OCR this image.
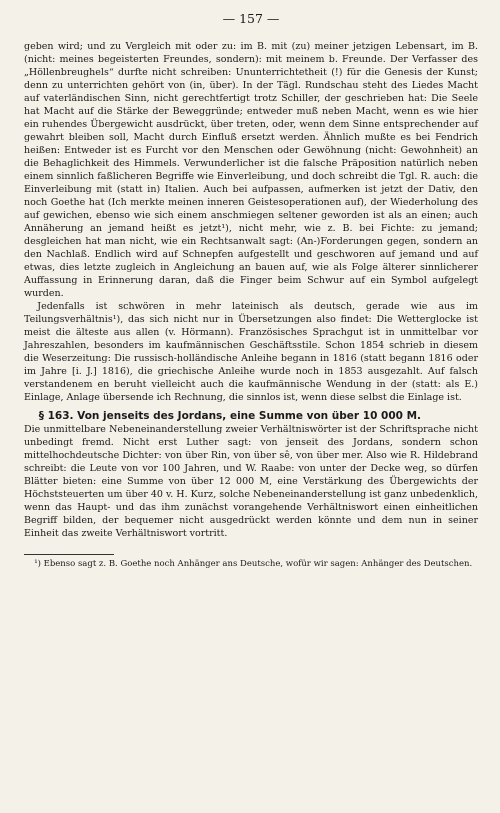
— 157 —

geben wird; und zu Vergleich mit oder zu: im B. mit (zu) meiner jetzigen Lebensart, im B. (nicht: meines begeisterten Freundes, sondern): mit meinem b. Freunde. Der Verfasser des „Höllenbreughels“ durfte nicht schreiben: Ununterrichtetheit (!) für die Genesis der Kunst; denn zu unterrichten gehört von (in, über). In der Tägl. Rundschau steht des Liedes Macht auf vaterländischen Sinn, nicht gerechtfertigt trotz Schiller, der geschrieben hat: Die Seele hat Macht auf die Stärke der Beweggründe; entweder muß neben Macht, wenn es wie hier ein ruhendes Übergewicht ausdrückt, über treten, oder, wenn dem Sinne entsprechender auf gewahrt bleiben soll, Macht durch Einfluß ersetzt werden. Ähnlich mußte es bei Fendrich heißen: Entweder ist es Furcht vor den Menschen oder Gewöhnung (nicht: Gewohnheit) an die Behaglichkeit des Himmels. Verwunderlicher ist die falsche Präposition natürlich neben einem sinnlich faßlicheren Begriffe wie Einverleibung, und doch schreibt die Tgl. R. auch: die Einverleibung mit (statt in) Italien. Auch bei aufpassen, aufmerken ist jetzt der Dativ, den noch Goethe hat (Ich merkte meinen inneren Geistesoperationen auf), der Wiederholung des auf gewichen, ebenso wie sich einem anschmiegen seltener geworden ist als an einen; auch Annäherung an jemand heißt es jetzt¹), nicht mehr, wie z. B. bei Fichte: zu jemand; desgleichen hat man nicht, wie ein Rechtsanwalt sagt: (An-)Forderungen gegen, sondern an den Nachlaß. Endlich wird auf Schnepfen aufgestellt und geschworen auf jemand und auf etwas, dies letzte zugleich in Angleichung an bauen auf, wie als Folge älterer sinnlicherer Auffassung in Erinnerung daran, daß die Finger beim Schwur auf ein Symbol aufgelegt wurden.

Jedenfalls ist schwören in mehr lateinisch als deutsch, gerade wie aus im Teilungsverhältnis¹), das sich nicht nur in Übersetzungen also findet: Die Wetterglocke ist meist die älteste aus allen (v. Hörmann). Französisches Sprachgut ist in unmittelbar vor Jahreszahlen, besonders im kaufmännischen Geschäftsstile. Schon 1854 schrieb in diesem die Weserzeitung: Die russisch-holländische Anleihe begann in 1816 (statt begann 1816 oder im Jahre [i. J.] 1816), die griechische Anleihe wurde noch in 1853 ausgezahlt. Auf falsch verstandenem en beruht vielleicht auch die kaufmännische Wendung in der (statt: als E.) Einlage, Anlage übersende ich Rechnung, die sinnlos ist, wenn diese selbst die Einlage ist.

§ 163. Von jenseits des Jordans, eine Summe von über 10 000 M.

Die unmittelbare Nebeneinanderstellung zweier Verhältniswörter ist der Schriftsprache nicht unbedingt fremd. Nicht erst Luther sagt: von jenseit des Jordans, sondern schon mittelhochdeutsche Dichter: von über Rin, von über sê, von über mer. Also wie R. Hildebrand schreibt: die Leute von vor 100 Jahren, und W. Raabe: von unter der Decke weg, so dürfen Blätter bieten: eine Summe von über 12 000 M, eine Verstärkung des Übergewichts der Höchststeuerten um über 40 v. H. Kurz, solche Nebeneinanderstellung ist ganz unbedenklich, wenn das Haupt- und das ihm zunächst vorangehende Verhältniswort einen einheitlichen Begriff bilden, der bequemer nicht ausgedrückt werden könnte und dem nun in seiner Einheit das zweite Verhältniswort vortritt.

¹) Ebenso sagt z. B. Goethe noch Anhänger ans Deutsche, wofür wir sagen: Anhänger des Deutschen.
